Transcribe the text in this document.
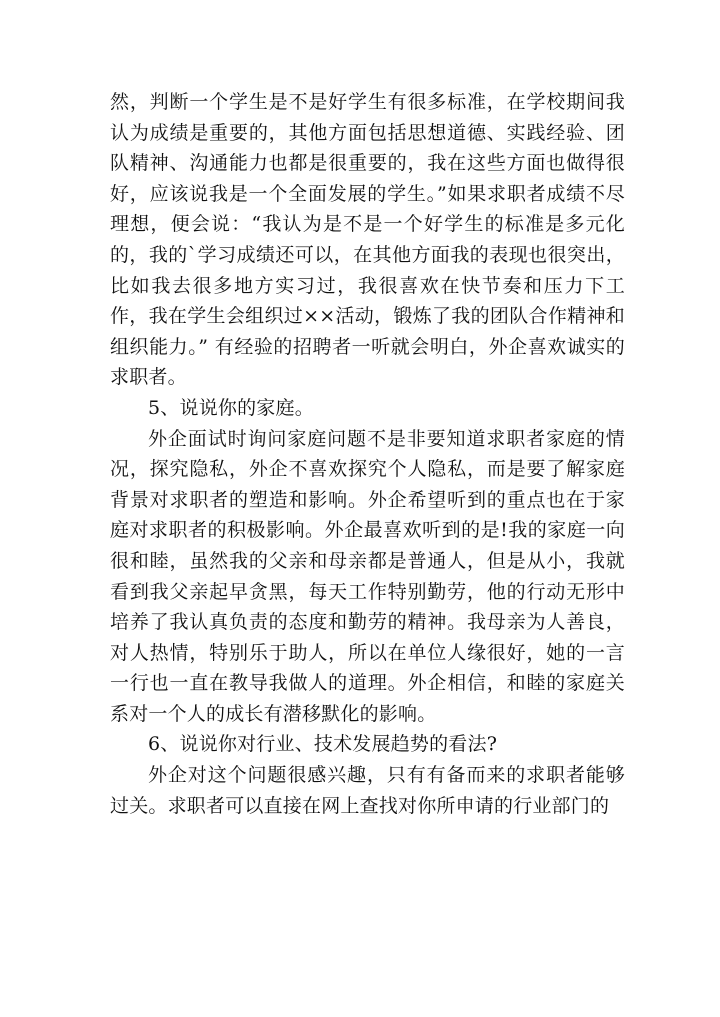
然，判断一个学生是不是好学生有很多标准，在学校期间我认为成绩是重要的，其他方面包括思想道德、实践经验、团队精神、沟通能力也都是很重要的，我在这些方面也做得很好，应该说我是一个全面发展的学生。”如果求职者成绩不尽理想，便会说：“我认为是不是一个好学生的标准是多元化的，我的`学习成绩还可以，在其他方面我的表现也很突出，比如我去很多地方实习过，我很喜欢在快节奏和压力下工作，我在学生会组织过××活动，锻炼了我的团队合作精神和组织能力。” 有经验的招聘者一听就会明白，外企喜欢诚实的求职者。

5、说说你的家庭。

外企面试时询问家庭问题不是非要知道求职者家庭的情况，探究隐私，外企不喜欢探究个人隐私，而是要了解家庭背景对求职者的塑造和影响。外企希望听到的重点也在于家庭对求职者的积极影响。外企最喜欢听到的是!我的家庭一向很和睦，虽然我的父亲和母亲都是普通人，但是从小，我就看到我父亲起早贪黑，每天工作特别勤劳，他的行动无形中培养了我认真负责的态度和勤劳的精神。我母亲为人善良，对人热情，特别乐于助人，所以在单位人缘很好，她的一言一行也一直在教导我做人的道理。外企相信，和睦的家庭关系对一个人的成长有潜移默化的影响。

6、说说你对行业、技术发展趋势的看法?

外企对这个问题很感兴趣，只有有备而来的求职者能够过关。求职者可以直接在网上查找对你所申请的行业部门的
